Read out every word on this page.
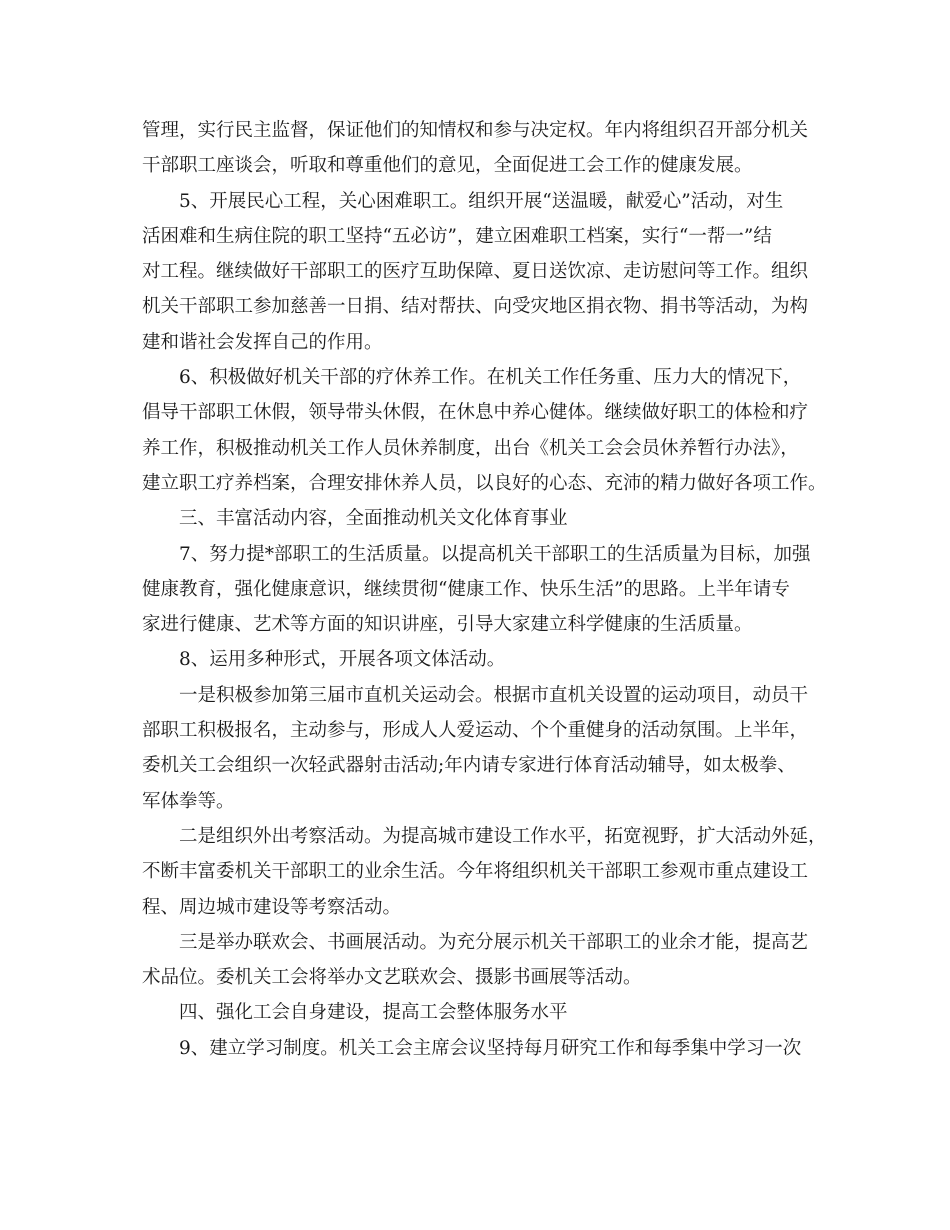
管理，实行民主监督，保证他们的知情权和参与决定权。年内将组织召开部分机关
干部职工座谈会，听取和尊重他们的意见，全面促进工会工作的健康发展。
5、开展民心工程，关心困难职工。组织开展“送温暖，献爱心”活动，对生
活困难和生病住院的职工坚持“五必访”，建立困难职工档案，实行“一帮一”结
对工程。继续做好干部职工的医疗互助保障、夏日送饮凉、走访慰问等工作。组织
机关干部职工参加慈善一日捐、结对帮扶、向受灾地区捐衣物、捐书等活动，为构
建和谐社会发挥自己的作用。
6、积极做好机关干部的疗休养工作。在机关工作任务重、压力大的情况下，
倡导干部职工休假，领导带头休假，在休息中养心健体。继续做好职工的体检和疗
养工作，积极推动机关工作人员休养制度，出台《机关工会会员休养暂行办法》，
建立职工疗养档案，合理安排休养人员，以良好的心态、充沛的精力做好各项工作。
三、丰富活动内容，全面推动机关文化体育事业
7、努力提*部职工的生活质量。以提高机关干部职工的生活质量为目标，加强
健康教育，强化健康意识，继续贯彻“健康工作、快乐生活”的思路。上半年请专
家进行健康、艺术等方面的知识讲座，引导大家建立科学健康的生活质量。
8、运用多种形式，开展各项文体活动。
一是积极参加第三届市直机关运动会。根据市直机关设置的运动项目，动员干
部职工积极报名，主动参与，形成人人爱运动、个个重健身的活动氛围。上半年，
委机关工会组织一次轻武器射击活动;年内请专家进行体育活动辅导，如太极拳、
军体拳等。
二是组织外出考察活动。为提高城市建设工作水平，拓宽视野，扩大活动外延，
不断丰富委机关干部职工的业余生活。今年将组织机关干部职工参观市重点建设工
程、周边城市建设等考察活动。
三是举办联欢会、书画展活动。为充分展示机关干部职工的业余才能，提高艺
术品位。委机关工会将举办文艺联欢会、摄影书画展等活动。
四、强化工会自身建设，提高工会整体服务水平
9、建立学习制度。机关工会主席会议坚持每月研究工作和每季集中学习一次
